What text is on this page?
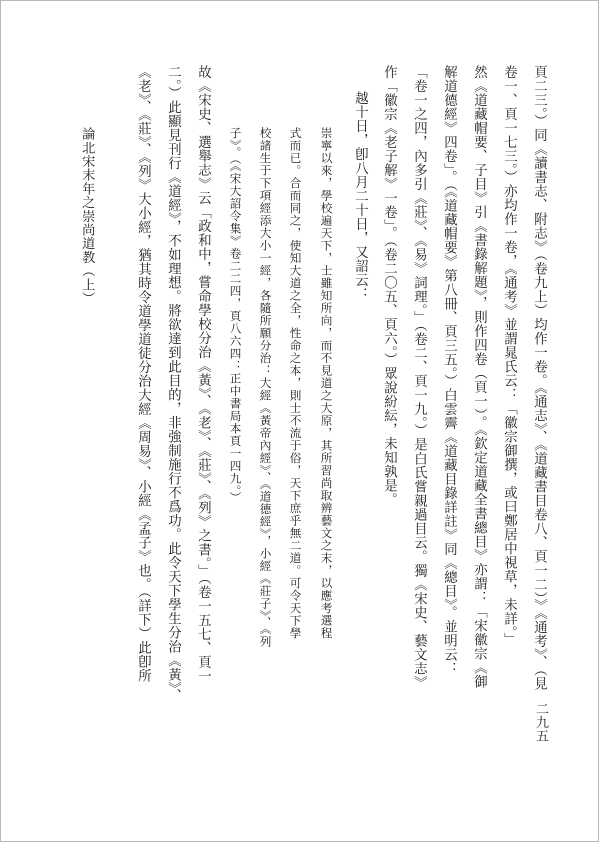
論北宋末年之崇尚道教（上）	頁二三。）同《讀書志、附志》（卷九上）均作一卷。《通志》、《道藏書目卷八、頁一二）》《通考》、（見
卷一、頁一七三。）亦均作一卷，《通考》並謂晁氏云：「徽宗御撰，或曰鄭居中視草，未詳。」
然《道藏帽要、子目》引《書錄解題》，則作四卷（頁一）。《欽定道藏全書總目》亦謂：「宋徽宗《御
解道德經》四卷」。（《道藏帽要》第八冊、頁三五。）白雲霽《道藏目錄詳註》同《總目》。並明云：
「卷一之四，內多引《莊》、《易》詞理。」（卷二、頁一九。）是白氏嘗親過目云。獨《宋史、藝文志》
作「徽宗《老子解》一卷」。（卷二〇五、頁六。）眾說紛紜，未知孰是。
越十日，卽八月二十日，又詔云：
崇寧以來，學校遍天下，士雖知所向，而不見道之大原，其所習尚取辨藝文之末，以應考選程
式而已。合而同之，使知大道之全，性命之本，則士不流于俗，天下庶乎無二道。可令天下學
校諸生于下項經添大小一經，各隨所願分治：大經《黃帝內經》、《道德經》，小經《莊子》、《列
子》。（《宋大詔令集》卷二二四，頁八六四：正中書局本頁一四九。）
故《宋史、選舉志》云「政和中，嘗命學校分治《黃》、《老》、《莊》、《列》之書。」（卷一五七、頁一
二。）此顯見刊行《道經》，不如理想。將欲達到此目的，非強制施行不爲功。此令天下學生分治《黃》、
《老》、《莊》、《列》大小經，猶其時令道學道徒分治大經《周易》、小經《孟子》也。（詳下）此卽所
二九五
